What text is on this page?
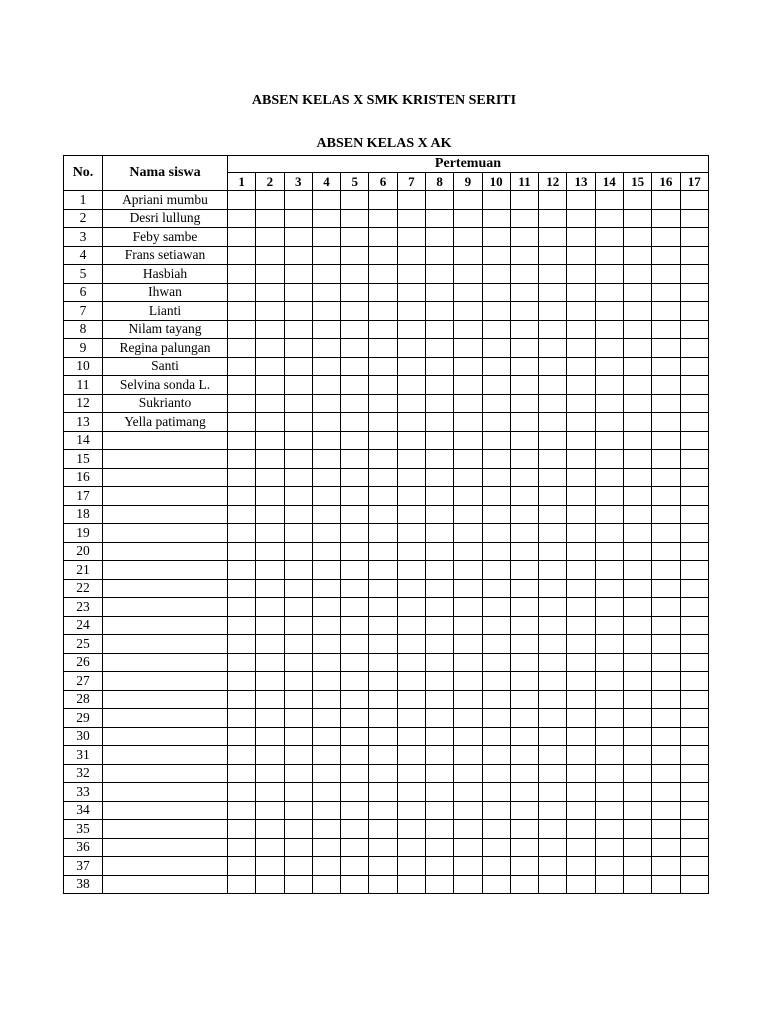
ABSEN KELAS X SMK KRISTEN SERITI
ABSEN KELAS X AK
No.	Nama siswa	Pertemuan																
		1	2	3	4	5	6	7	8	9	10	11	12	13	14	15	16	17
1	Apriani mumbu																	
2	Desri lullung																	
3	Feby sambe																	
4	Frans setiawan																	
5	Hasbiah																	
6	Ihwan																	
7	Lianti																	
8	Nilam tayang																	
9	Regina palungan																	
10	Santi																	
11	Selvina sonda L.																	
12	Sukrianto																	
13	Yella patimang																	
14																		
15																		
16																		
17																		
18																		
19																		
20																		
21																		
22																		
23																		
24																		
25																		
26																		
27																		
28																		
29																		
30																		
31																		
32																		
33																		
34																		
35																		
36																		
37																		
38																		
